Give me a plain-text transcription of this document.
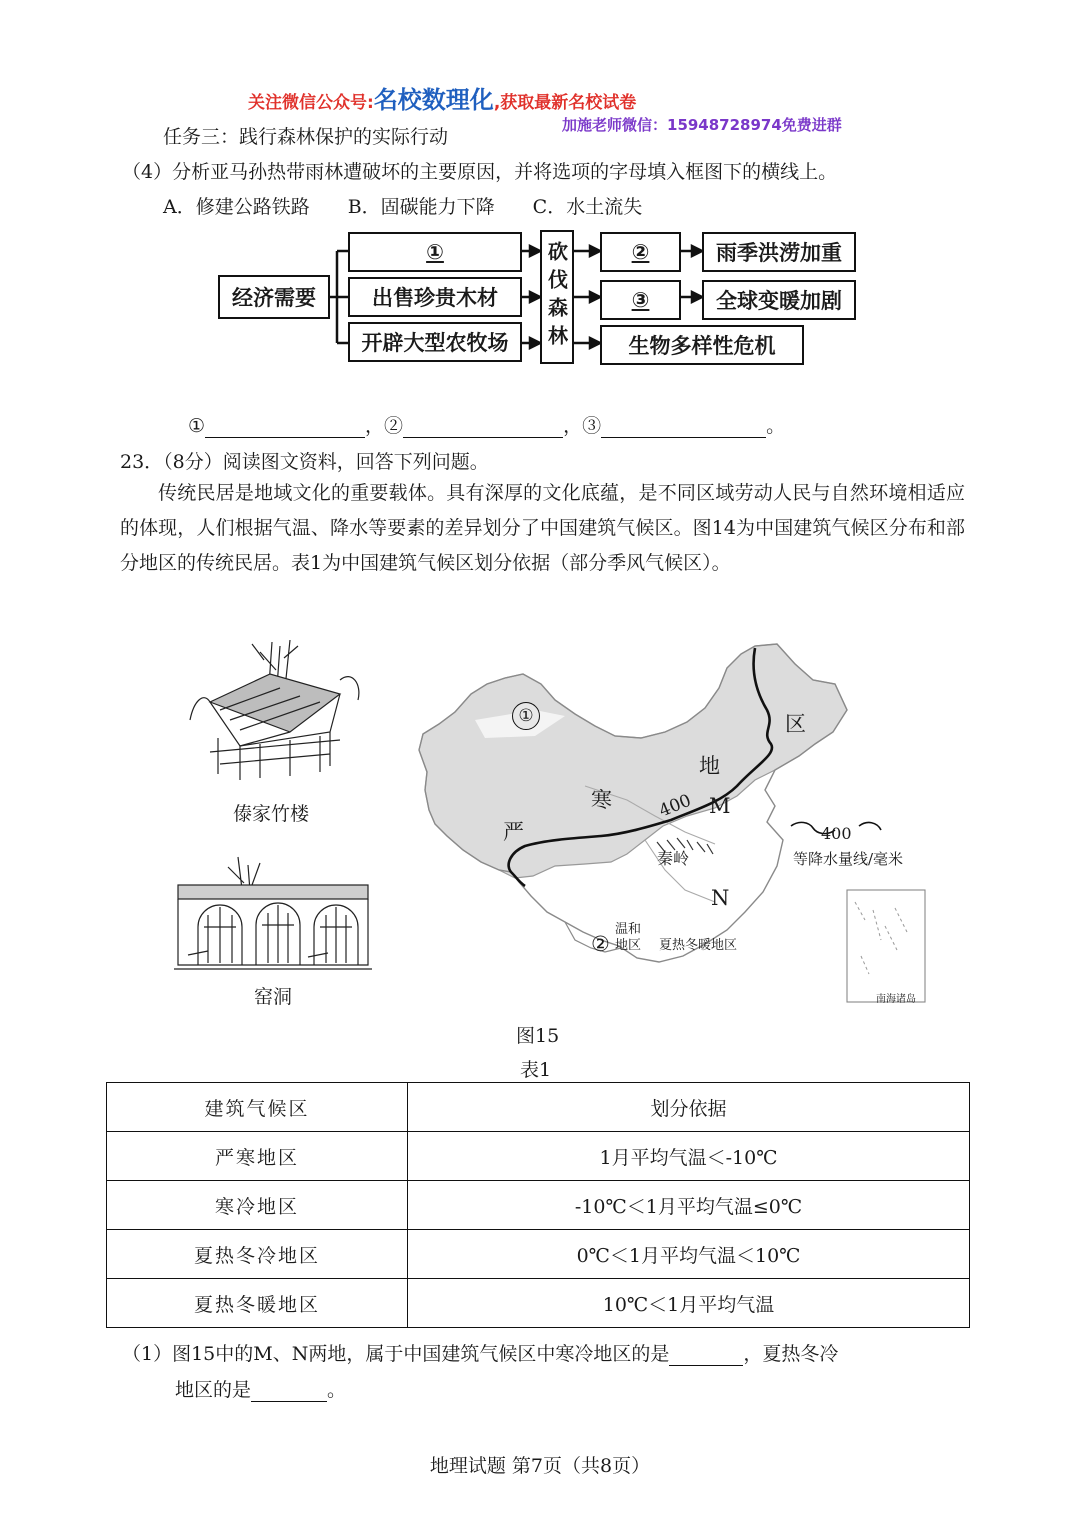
关注微信公众号:名校数理化,获取最新名校试卷
加施老师微信：15948728974免费进群
任务三：践行森林保护的实际行动
（4）分析亚马孙热带雨林遭破坏的主要原因，并将选项的字母填入框图下的横线上。
A．修建公路铁路　　B．固碳能力下降　　C．水土流失
经济需要
①
出售珍贵木材
开辟大型农牧场	砍伐森林	②
③
生物多样性危机
雨季洪涝加重
全球变暖加剧
①	，②	，③	。
23．（8分）阅读图文资料，回答下列问题。
传统民居是地域文化的重要载体。具有深厚的文化底蕴，是不同区域劳动人民与自然环境相适应的体现，人们根据气温、降水等要素的差异划分了中国建筑气候区。图14为中国建筑气候区分布和部分地区的传统民居。表1为中国建筑气候区划分依据（部分季风气候区）。
傣家竹楼
窑洞
①
②
严
寒
地
区
400 M
N
秦岭
温和
地区 夏热冬暖地区
400
等降水量线/毫米
南海诸岛
图15
表1
建筑气候区	划分依据
严寒地区	1月平均气温＜-10℃
寒冷地区	-10℃＜1月平均气温≤0℃
夏热冬冷地区	0℃＜1月平均气温＜10℃
夏热冬暖地区	10℃＜1月平均气温
（1）图15中的M、N两地，属于中国建筑气候区中寒冷地区的是	，夏热冬冷
地区的是	。
地理试题 第7页（共8页）
